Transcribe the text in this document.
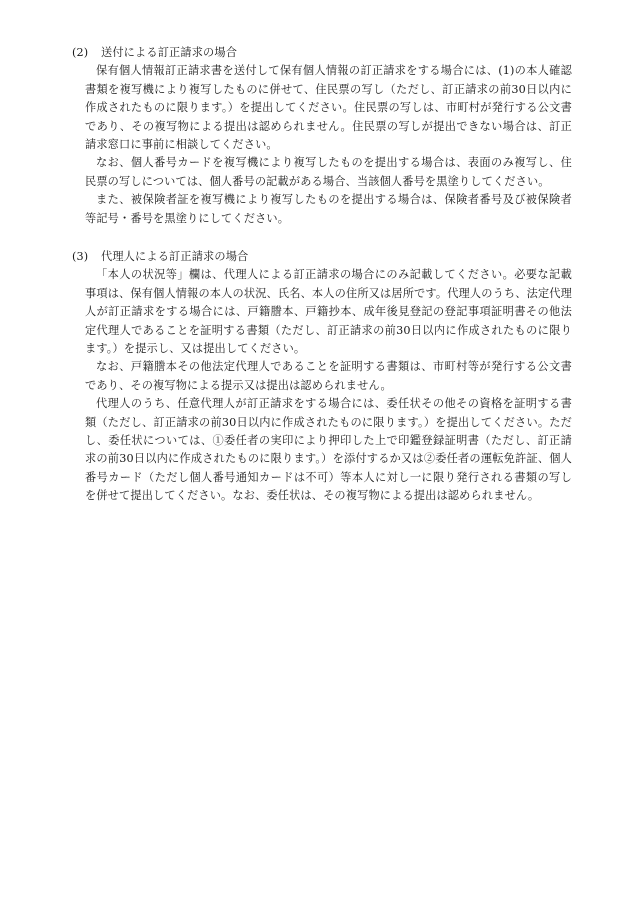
(2)	送付による訂正請求の場合

保有個人情報訂正請求書を送付して保有個人情報の訂正請求をする場合には、(1)の本人確認書類を複写機により複写したものに併せて、住民票の写し（ただし、訂正請求の前30日以内に作成されたものに限ります。）を提出してください。住民票の写しは、市町村が発行する公文書であり、その複写物による提出は認められません。住民票の写しが提出できない場合は、訂正請求窓口に事前に相談してください。

なお、個人番号カードを複写機により複写したものを提出する場合は、表面のみ複写し、住民票の写しについては、個人番号の記載がある場合、当該個人番号を黒塗りしてください。

また、被保険者証を複写機により複写したものを提出する場合は、保険者番号及び被保険者等記号・番号を黒塗りにしてください。

(3)	代理人による訂正請求の場合

「本人の状況等」欄は、代理人による訂正請求の場合にのみ記載してください。必要な記載事項は、保有個人情報の本人の状況、氏名、本人の住所又は居所です。代理人のうち、法定代理人が訂正請求をする場合には、戸籍謄本、戸籍抄本、成年後見登記の登記事項証明書その他法定代理人であることを証明する書類（ただし、訂正請求の前30日以内に作成されたものに限ります。）を提示し、又は提出してください。

なお、戸籍謄本その他法定代理人であることを証明する書類は、市町村等が発行する公文書であり、その複写物による提示又は提出は認められません。

代理人のうち、任意代理人が訂正請求をする場合には、委任状その他その資格を証明する書類（ただし、訂正請求の前30日以内に作成されたものに限ります。）を提出してください。ただし、委任状については、①委任者の実印により押印した上で印鑑登録証明書（ただし、訂正請求の前30日以内に作成されたものに限ります。）を添付するか又は②委任者の運転免許証、個人番号カード（ただし個人番号通知カードは不可）等本人に対し一に限り発行される書類の写しを併せて提出してください。なお、委任状は、その複写物による提出は認められません。
